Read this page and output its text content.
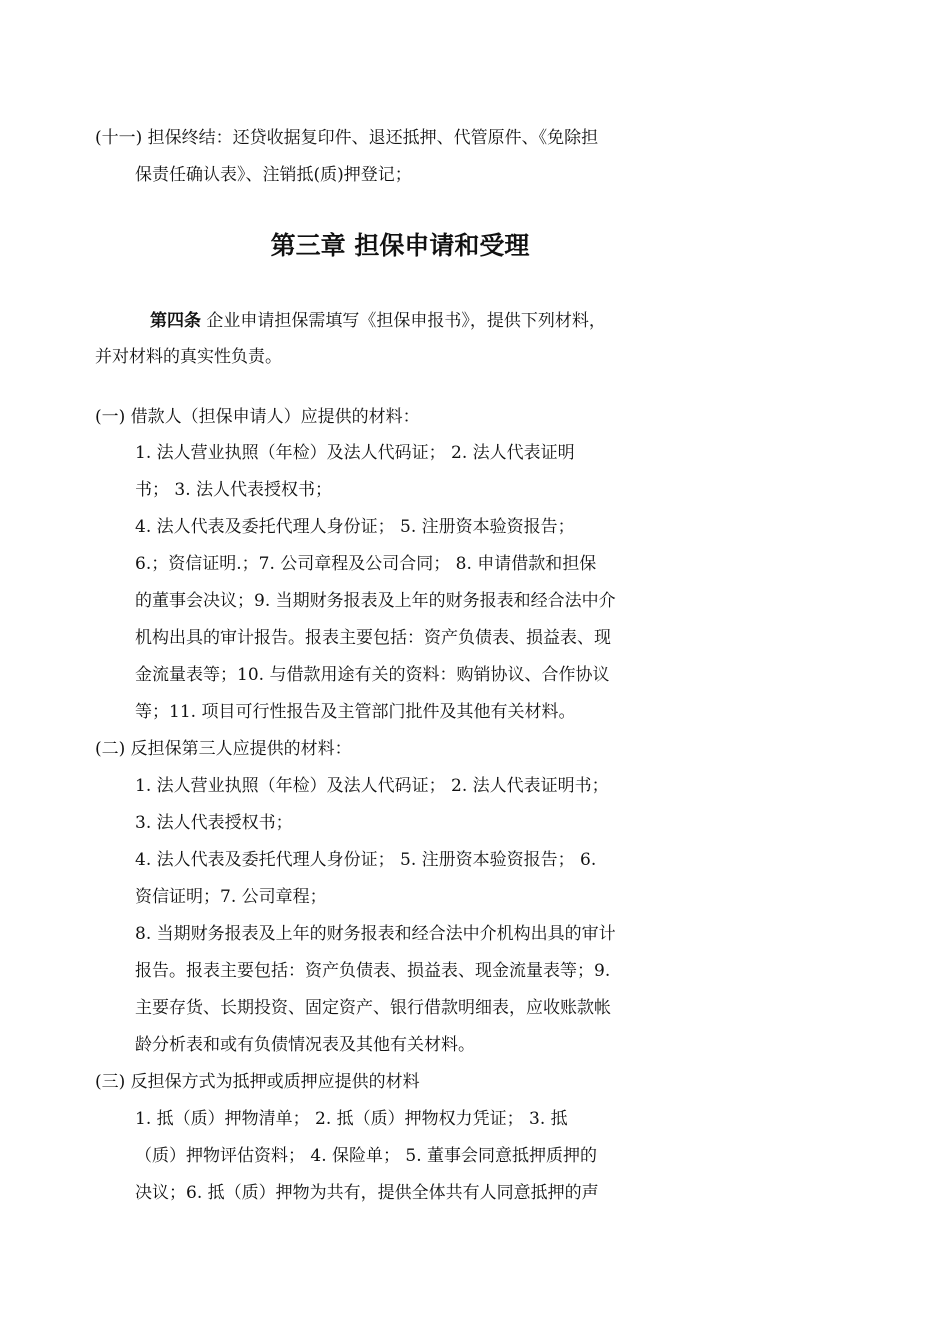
(十一) 担保终结：还贷收据复印件、退还抵押、代管原件、《免除担
保责任确认表》、注销抵(质)押登记；
第三章 担保申请和受理
第四条 企业申请担保需填写《担保申报书》，提供下列材料，
并对材料的真实性负责。
(一) 借款人（担保申请人）应提供的材料：
1. 法人营业执照（年检）及法人代码证； 2. 法人代表证明
书； 3. 法人代表授权书；
4. 法人代表及委托代理人身份证； 5. 注册资本验资报告；
6.；资信证明.；7. 公司章程及公司合同； 8. 申请借款和担保
的董事会决议；9. 当期财务报表及上年的财务报表和经合法中介
机构出具的审计报告。报表主要包括：资产负债表、损益表、现
金流量表等；10. 与借款用途有关的资料：购销协议、合作协议
等；11. 项目可行性报告及主管部门批件及其他有关材料。
(二) 反担保第三人应提供的材料：
1. 法人营业执照（年检）及法人代码证； 2. 法人代表证明书；
3. 法人代表授权书；
4. 法人代表及委托代理人身份证； 5. 注册资本验资报告； 6.
资信证明；7. 公司章程；
8. 当期财务报表及上年的财务报表和经合法中介机构出具的审计
报告。报表主要包括：资产负债表、损益表、现金流量表等；9.
主要存货、长期投资、固定资产、银行借款明细表，应收账款帐
龄分析表和或有负债情况表及其他有关材料。
(三) 反担保方式为抵押或质押应提供的材料
1. 抵（质）押物清单； 2. 抵（质）押物权力凭证； 3. 抵
（质）押物评估资料； 4. 保险单； 5. 董事会同意抵押质押的
决议；6. 抵（质）押物为共有，提供全体共有人同意抵押的声
